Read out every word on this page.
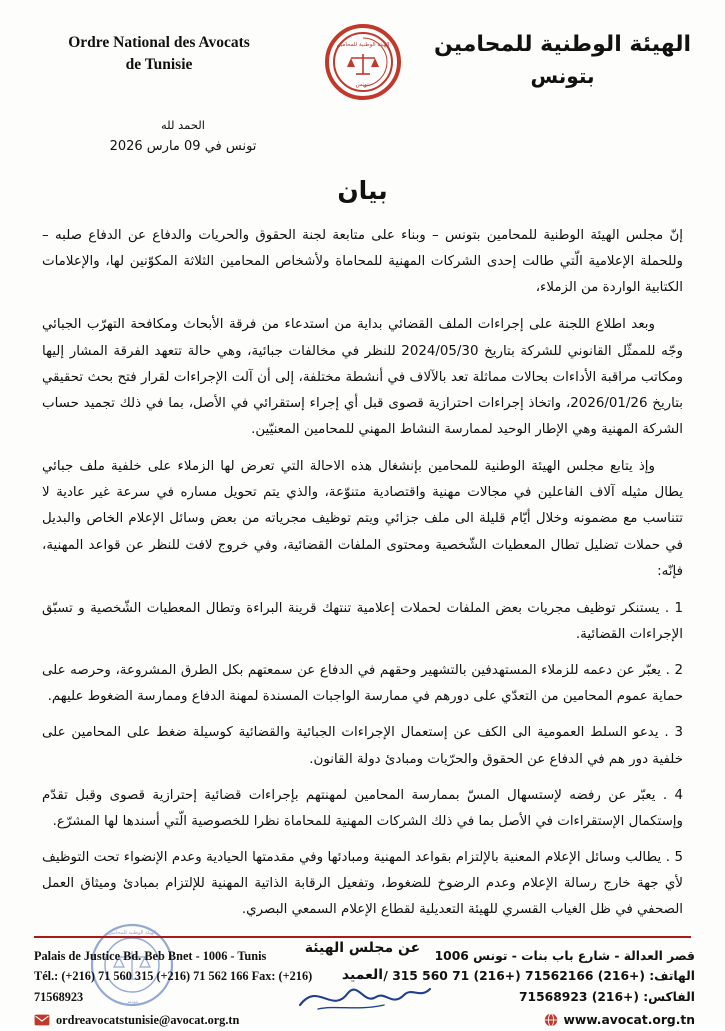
Ordre National des Avocats
de Tunisie
الهيئة الوطنية للمحامين
بتونس
الهيئة الوطنية للمحامين
بتونس
الحمد لله
تونس في 09 مارس 2026
بيان

إنّ مجلس الهيئة الوطنية للمحامين بتونس – وبناء على متابعة لجنة الحقوق والحريات والدفاع عن الدفاع صلبه – وللحملة الإعلامية الّتي طالت إحدى الشركات المهنية للمحاماة ولأشخاص المحامين الثلاثة المكوّنين لها، والإعلامات الكتابية الواردة من الزملاء،

وبعد اطلاع اللجنة على إجراءات الملف القضائي بداية من استدعاء من فرقة الأبحاث ومكافحة التهرّب الجبائي وجّه للممثّل القانوني للشركة بتاريخ 2024/05/30 للنظر في مخالفات جبائية، وهي حالة تتعهد الفرقة المشار إليها ومكاتب مراقبة الأداءات بحالات مماثلة تعد بالآلاف في أنشطة مختلفة، إلى أن آلت الإجراءات لقرار فتح بحث تحقيقي بتاريخ 2026/01/26، واتخاذ إجراءات احترازية قصوى قبل أي إجراء إستقرائي في الأصل، بما في ذلك تجميد حساب الشركة المهنية وهي الإطار الوحيد لممارسة النشاط المهني للمحامين المعنيّين.

وإذ يتابع مجلس الهيئة الوطنية للمحامين بإنشغال هذه الاحالة التي تعرض لها الزملاء على خلفية ملف جبائي يطال مثيله آلاف الفاعلين في مجالات مهنية واقتصادية متنوّعة، والذي يتم تحويل مساره في سرعة غير عادية لا تتناسب مع مضمونه وخلال أيّام قليلة الى ملف جزائي ويتم توظيف مجرياته من بعض وسائل الإعلام الخاص والبديل في حملات تضليل تطال المعطيات الشّخصية ومحتوى الملفات القضائية، وفي خروج لافت للنظر عن قواعد المهنية، فإنّه:

1 . يستنكر توظيف مجريات بعض الملفات لحملات إعلامية تنتهك قرينة البراءة وتطال المعطيات الشّخصية و تسبّق الإجراءات القضائية.
2 . يعبّر عن دعمه للزملاء المستهدفين بالتشهير وحقهم في الدفاع عن سمعتهم بكل الطرق المشروعة، وحرصه على حماية عموم المحامين من التعدّي على دورهم في ممارسة الواجبات المسندة لمهنة الدفاع وممارسة الضغوط عليهم.
3 . يدعو السلط العمومية الى الكف عن إستعمال الإجراءات الجبائية والقضائية كوسيلة ضغط على المحامين على خلفية دور هم في الدفاع عن الحقوق والحرّيات ومبادئ دولة القانون.
4 . يعبّر عن رفضه لإستسهال المسّ بممارسة المحامين لمهنتهم بإجراءات قضائية إحترازية قصوى وقبل تقدّم وإستكمال الإستقراءات في الأصل بما في ذلك الشركات المهنية للمحاماة نظرا للخصوصية الّتي أسندها لها المشرّع.
5 . يطالب وسائل الإعلام المعنية بالإلتزام بقواعد المهنية ومبادئها وفي مقدمتها الحيادية وعدم الإنضواء تحت التوظيف لأي جهة خارج رسالة الإعلام وعدم الرضوخ للضغوط، وتفعيل الرقابة الذاتية المهنية للإلتزام بمبادئ وميثاق العمل الصحفي في ظل الغياب القسري للهيئة التعديلية لقطاع الإعلام السمعي البصري.
الهيئة الوطنية للمحامين
بتونس
عن مجلس الهيئة
العميد
Palais de Justice Bd. Beb Bnet - 1006 - Tunis
Tél.: (+216) 71 560 315 (+216) 71 562 166 Fax: (+216) 71568923
ordreavocatstunisie@avocat.org.tn
قصر العدالة - شارع باب بنات - تونس 1006
الهاتف: (+216) 71562166 (+216) 71 560 315 /الفاكس: (+216) 71568923
www.avocat.org.tn
